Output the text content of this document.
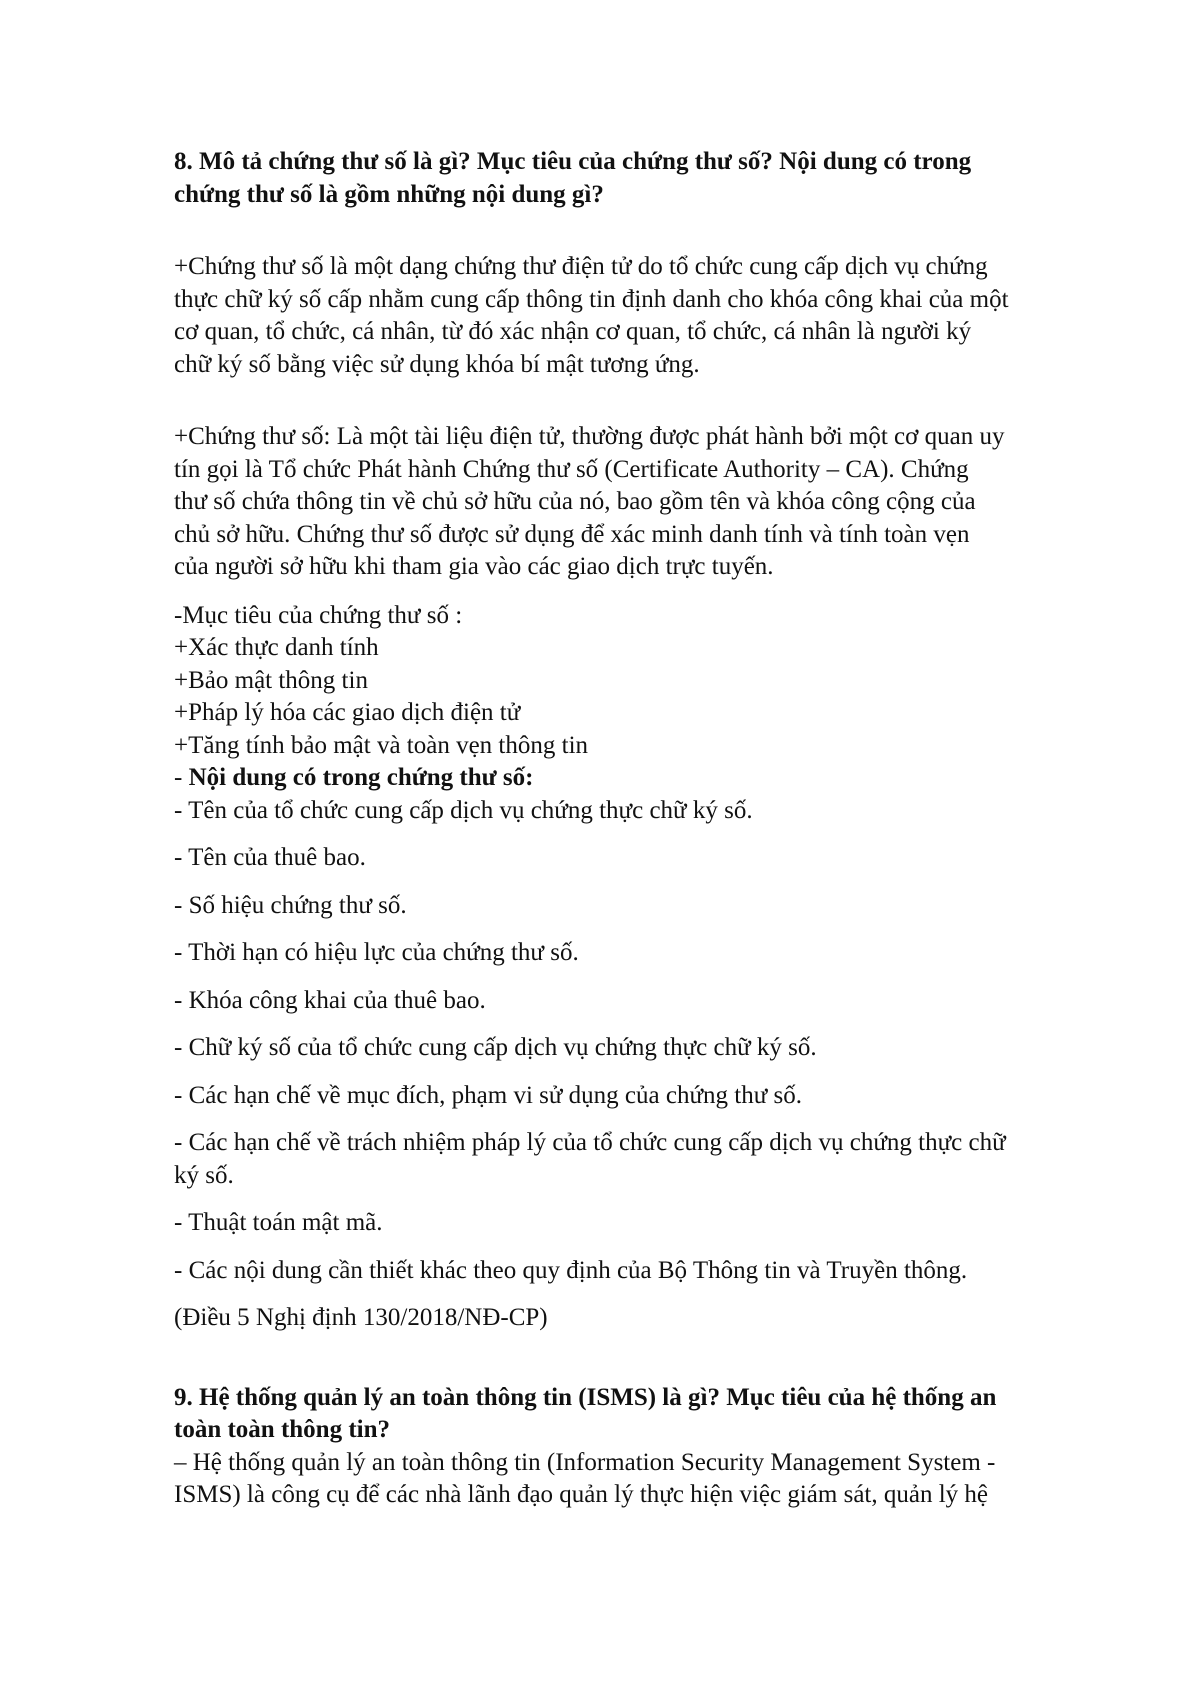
8. Mô tả chứng thư số là gì? Mục tiêu của chứng thư số? Nội dung có trong
chứng thư số là gồm những nội dung gì?
+Chứng thư số là một dạng chứng thư điện tử do tổ chức cung cấp dịch vụ chứng
thực chữ ký số cấp nhằm cung cấp thông tin định danh cho khóa công khai của một
cơ quan, tổ chức, cá nhân, từ đó xác nhận cơ quan, tổ chức, cá nhân là người ký
chữ ký số bằng việc sử dụng khóa bí mật tương ứng.
+Chứng thư số: Là một tài liệu điện tử, thường được phát hành bởi một cơ quan uy
tín gọi là Tổ chức Phát hành Chứng thư số (Certificate Authority – CA). Chứng
thư số chứa thông tin về chủ sở hữu của nó, bao gồm tên và khóa công cộng của
chủ sở hữu. Chứng thư số được sử dụng để xác minh danh tính và tính toàn vẹn
của người sở hữu khi tham gia vào các giao dịch trực tuyến.
-Mục tiêu của chứng thư số :
+Xác thực danh tính
+Bảo mật thông tin
+Pháp lý hóa các giao dịch điện tử
+Tăng tính bảo mật và toàn vẹn thông tin
- Nội dung có trong chứng thư số:
- Tên của tổ chức cung cấp dịch vụ chứng thực chữ ký số.
- Tên của thuê bao.
- Số hiệu chứng thư số.
- Thời hạn có hiệu lực của chứng thư số.
- Khóa công khai của thuê bao.
- Chữ ký số của tổ chức cung cấp dịch vụ chứng thực chữ ký số.
- Các hạn chế về mục đích, phạm vi sử dụng của chứng thư số.
- Các hạn chế về trách nhiệm pháp lý của tổ chức cung cấp dịch vụ chứng thực chữ
ký số.
- Thuật toán mật mã.
- Các nội dung cần thiết khác theo quy định của Bộ Thông tin và Truyền thông.
(Điều 5 Nghị định 130/2018/NĐ-CP)
9. Hệ thống quản lý an toàn thông tin (ISMS) là gì? Mục tiêu của hệ thống an
toàn toàn thông tin?
– Hệ thống quản lý an toàn thông tin (Information Security Management System -
ISMS) là công cụ để các nhà lãnh đạo quản lý thực hiện việc giám sát, quản lý hệ
